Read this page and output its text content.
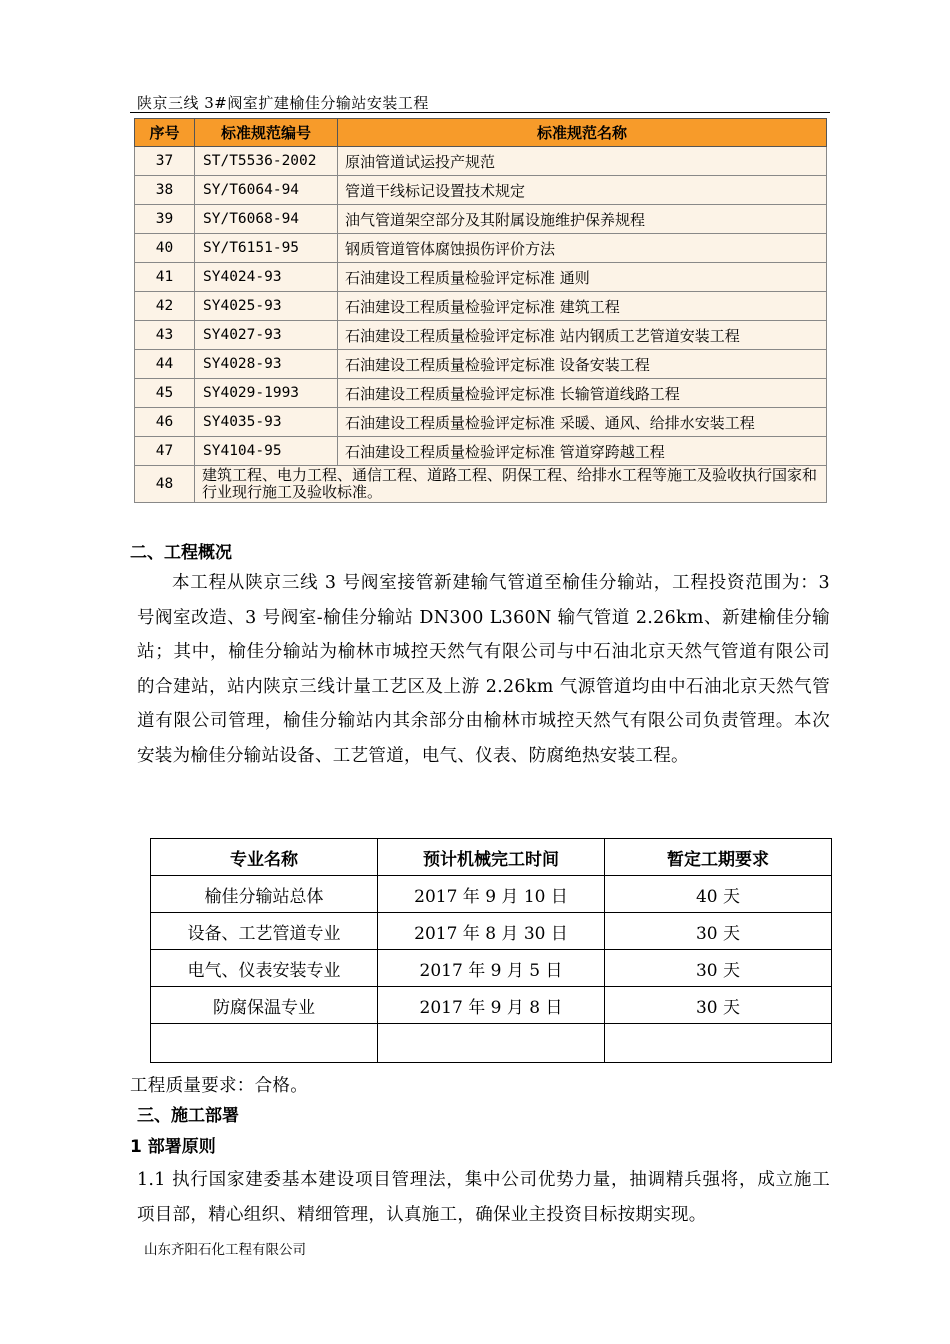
陕京三线 3#阀室扩建榆佳分输站安装工程
序号	标准规范编号	标准规范名称
37	ST/T5536-2002	原油管道试运投产规范
38	SY/T6064-94	管道干线标记设置技术规定
39	SY/T6068-94	油气管道架空部分及其附属设施维护保养规程
40	SY/T6151-95	钢质管道管体腐蚀损伤评价方法
41	SY4024-93	石油建设工程质量检验评定标准 通则
42	SY4025-93	石油建设工程质量检验评定标准 建筑工程
43	SY4027-93	石油建设工程质量检验评定标准 站内钢质工艺管道安装工程
44	SY4028-93	石油建设工程质量检验评定标准 设备安装工程
45	SY4029-1993	石油建设工程质量检验评定标准 长输管道线路工程
46	SY4035-93	石油建设工程质量检验评定标准 采暖、通风、给排水安装工程
47	SY4104-95	石油建设工程质量检验评定标准 管道穿跨越工程
48	建筑工程、电力工程、通信工程、道路工程、阴保工程、给排水工程等施工及验收执行国家和行业现行施工及验收标准。	
二、工程概况
本工程从陕京三线 3 号阀室接管新建输气管道至榆佳分输站，工程投资范围为：3 号阀室改造、3 号阀室-榆佳分输站 DN300 L360N 输气管道 2.26km、新建榆佳分输站；其中，榆佳分输站为榆林市城控天然气有限公司与中石油北京天然气管道有限公司的合建站，站内陕京三线计量工艺区及上游 2.26km 气源管道均由中石油北京天然气管道有限公司管理，榆佳分输站内其余部分由榆林市城控天然气有限公司负责管理。本次安装为榆佳分输站设备、工艺管道，电气、仪表、防腐绝热安装工程。
专业名称	预计机械完工时间	暂定工期要求
榆佳分输站总体	2017 年 9 月 10 日	40 天
设备、工艺管道专业	2017 年 8 月 30 日	30 天
电气、仪表安装专业	2017 年 9 月 5 日	30 天
防腐保温专业	2017 年 9 月 8 日	30 天

工程质量要求：合格。
三、施工部署
1 部署原则
1.1 执行国家建委基本建设项目管理法，集中公司优势力量，抽调精兵强将，成立施工项目部，精心组织、精细管理，认真施工，确保业主投资目标按期实现。
山东齐阳石化工程有限公司
